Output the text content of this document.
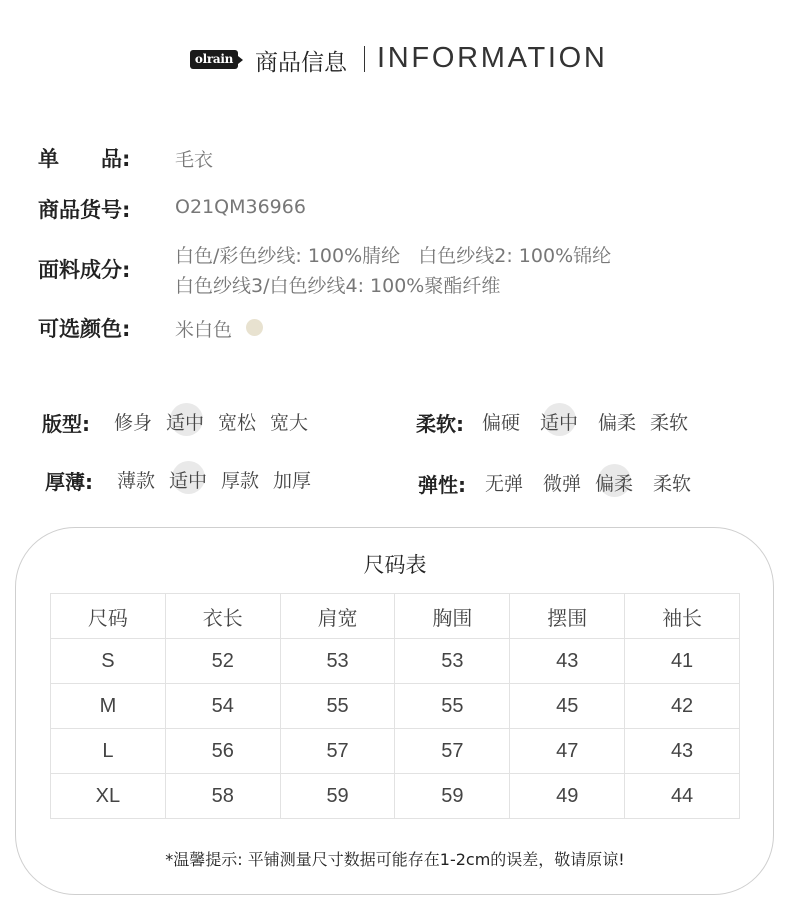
olrain 商品信息 INFORMATION
单　　品: 毛衣
商品货号: O21QM36966
面料成分:
白色/彩色纱线: 100%腈纶   白色纱线2: 100%锦纶
白色纱线3/白色纱线4: 100%聚酯纤维
可选颜色: 米白色
版型: 修身 适中 宽松 宽大	柔软: 偏硬 适中 偏柔 柔软
厚薄: 薄款 适中 厚款 加厚	弹性: 无弹 微弹 偏柔 柔软
尺码表
尺码	衣长	肩宽	胸围	摆围	袖长
S	52	53	53	43	41
M	54	55	55	45	42
L	56	57	57	47	43
XL	58	59	59	49	44
*温馨提示: 平铺测量尺寸数据可能存在1-2cm的误差，敬请原谅!
